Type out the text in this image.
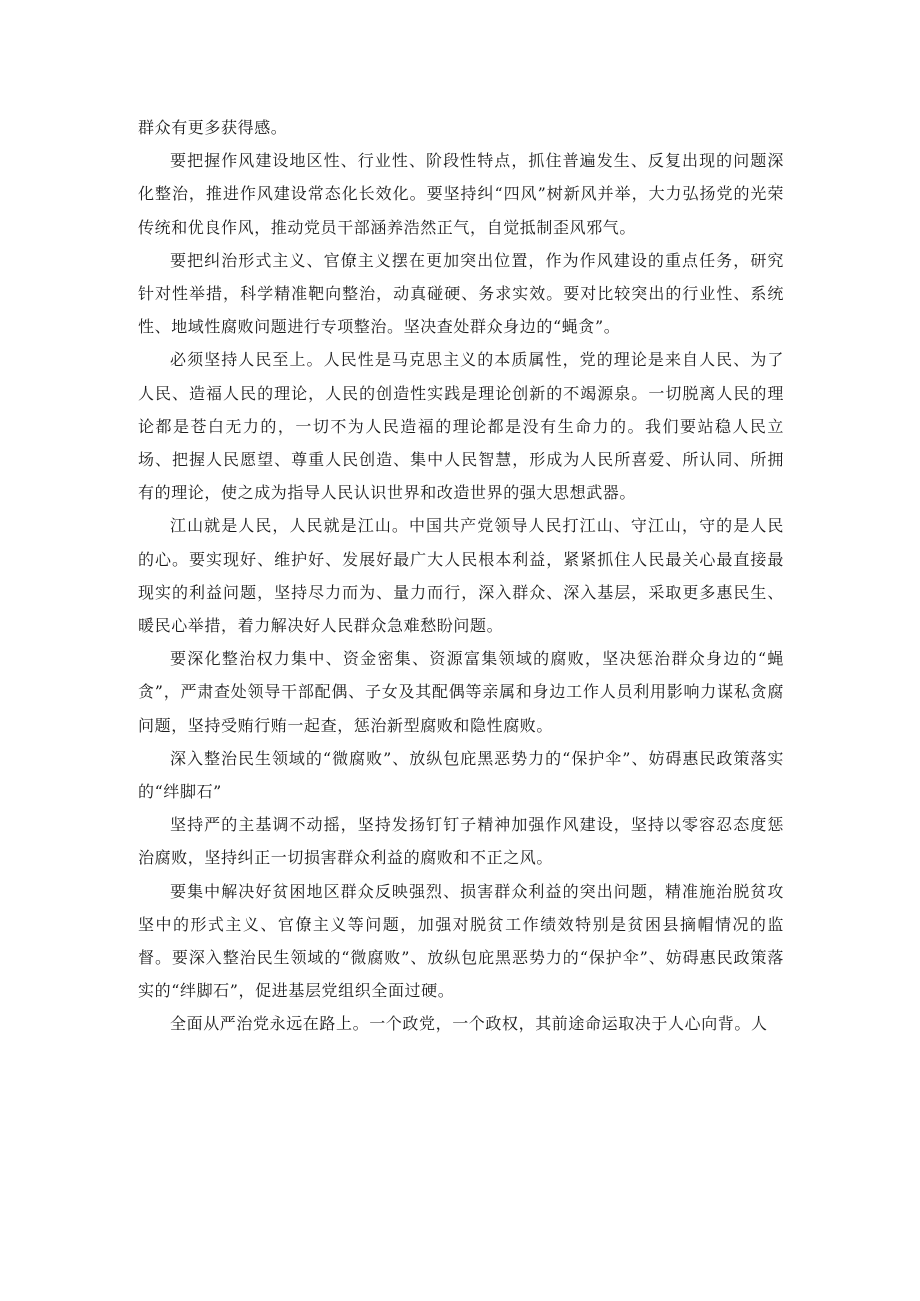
群众有更多获得感。

要把握作风建设地区性、行业性、阶段性特点，抓住普遍发生、反复出现的问题深化整治，推进作风建设常态化长效化。要坚持纠“四风”树新风并举，大力弘扬党的光荣传统和优良作风，推动党员干部涵养浩然正气，自觉抵制歪风邪气。

要把纠治形式主义、官僚主义摆在更加突出位置，作为作风建设的重点任务，研究针对性举措，科学精准靶向整治，动真碰硬、务求实效。要对比较突出的行业性、系统性、地域性腐败问题进行专项整治。坚决查处群众身边的“蝇贪”。

必须坚持人民至上。人民性是马克思主义的本质属性，党的理论是来自人民、为了人民、造福人民的理论，人民的创造性实践是理论创新的不竭源泉。一切脱离人民的理论都是苍白无力的，一切不为人民造福的理论都是没有生命力的。我们要站稳人民立场、把握人民愿望、尊重人民创造、集中人民智慧，形成为人民所喜爱、所认同、所拥有的理论，使之成为指导人民认识世界和改造世界的强大思想武器。

江山就是人民，人民就是江山。中国共产党领导人民打江山、守江山，守的是人民的心。要实现好、维护好、发展好最广大人民根本利益，紧紧抓住人民最关心最直接最现实的利益问题，坚持尽力而为、量力而行，深入群众、深入基层，采取更多惠民生、暖民心举措，着力解决好人民群众急难愁盼问题。

要深化整治权力集中、资金密集、资源富集领域的腐败，坚决惩治群众身边的“蝇贪”，严肃查处领导干部配偶、子女及其配偶等亲属和身边工作人员利用影响力谋私贪腐问题，坚持受贿行贿一起查，惩治新型腐败和隐性腐败。

深入整治民生领域的“微腐败”、放纵包庇黑恶势力的“保护伞”、妨碍惠民政策落实的“绊脚石”

坚持严的主基调不动摇，坚持发扬钉钉子精神加强作风建设，坚持以零容忍态度惩治腐败，坚持纠正一切损害群众利益的腐败和不正之风。

要集中解决好贫困地区群众反映强烈、损害群众利益的突出问题，精准施治脱贫攻坚中的形式主义、官僚主义等问题，加强对脱贫工作绩效特别是贫困县摘帽情况的监督。要深入整治民生领域的“微腐败”、放纵包庇黑恶势力的“保护伞”、妨碍惠民政策落实的“绊脚石”，促进基层党组织全面过硬。

全面从严治党永远在路上。一个政党，一个政权，其前途命运取决于人心向背。人
